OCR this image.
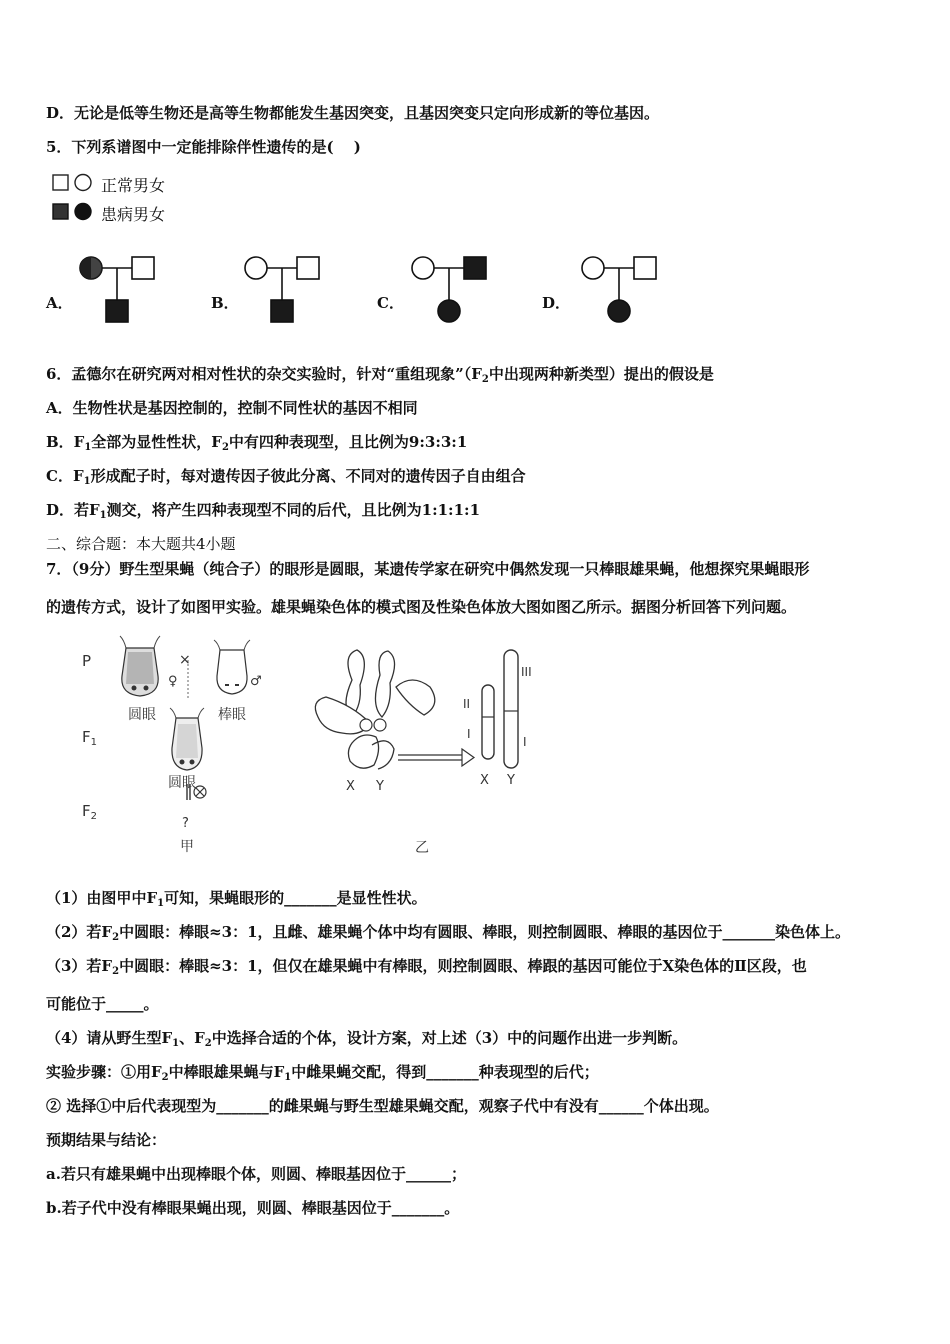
D．无论是低等生物还是高等生物都能发生基因突变，且基因突变只定向形成新的等位基因。
5．下列系谱图中一定能排除伴性遗传的是(　 )
正常男女
患病男女
A．	B．	C．	D．
6．孟德尔在研究两对相对性状的杂交实验时，针对“重组现象$”(F_2$中出现两种新类型）提出的假设是
A．生物性状是基因控制的，控制不同性状的基因不相同
B．$F_1$全部为显性性状，$F_2$中有四种表现型，且比例为9:3:3:1
C．$F_1$形成配子时，每对遗传因子彼此分离、不同对的遗传因子自由组合
D．若$F_1$测交，将产生四种表现型不同的后代，且比例为1:1:1:1
二、综合题：本大题共4小题
7．（9分）野生型果蝇（纯合子）的眼形是圆眼，某遗传学家在研究中偶然发现一只棒眼雄果蝇，他想探究果蝇眼形
的遗传方式，设计了如图甲实验。雄果蝇染色体的模式图及性染色体放大图如图乙所示。据图分析回答下列问题。
P
$F_1$
$F_2$
×
♀	♂
圆眼	棒眼
圆眼
?
甲
II
I
III
I
X Y	X Y
乙
（1）由图甲中$F_1$可知，果蝇眼形的_______是显性性状。
（2）若$F_2$中圆眼：棒眼≈3：1，且雌、雄果蝇个体中均有圆眼、棒眼，则控制圆眼、棒眼的基因位于_______染色体上。
（3）若$F_2$中圆眼：棒眼≈3：1，但仅在雄果蝇中有棒眼，则控制圆眼、棒跟的基因可能位于X染色体的Ⅱ区段，也
可能位于_____。
（4）请从野生型$F_1$、$F_2$中选择合适的个体，设计方案，对上述（3）中的问题作出进一步判断。
实验步骤：①用$F_2$中棒眼雄果蝇与$F_1$中雌果蝇交配，得到_______种表现型的后代；
② 选择①中后代表现型为_______的雌果蝇与野生型雄果蝇交配，观察子代中有没有______个体出现。
预期结果与结论：
a.若只有雄果蝇中出现棒眼个体，则圆、棒眼基因位于______；
b.若子代中没有棒眼果蝇出现，则圆、棒眼基因位于_______。
